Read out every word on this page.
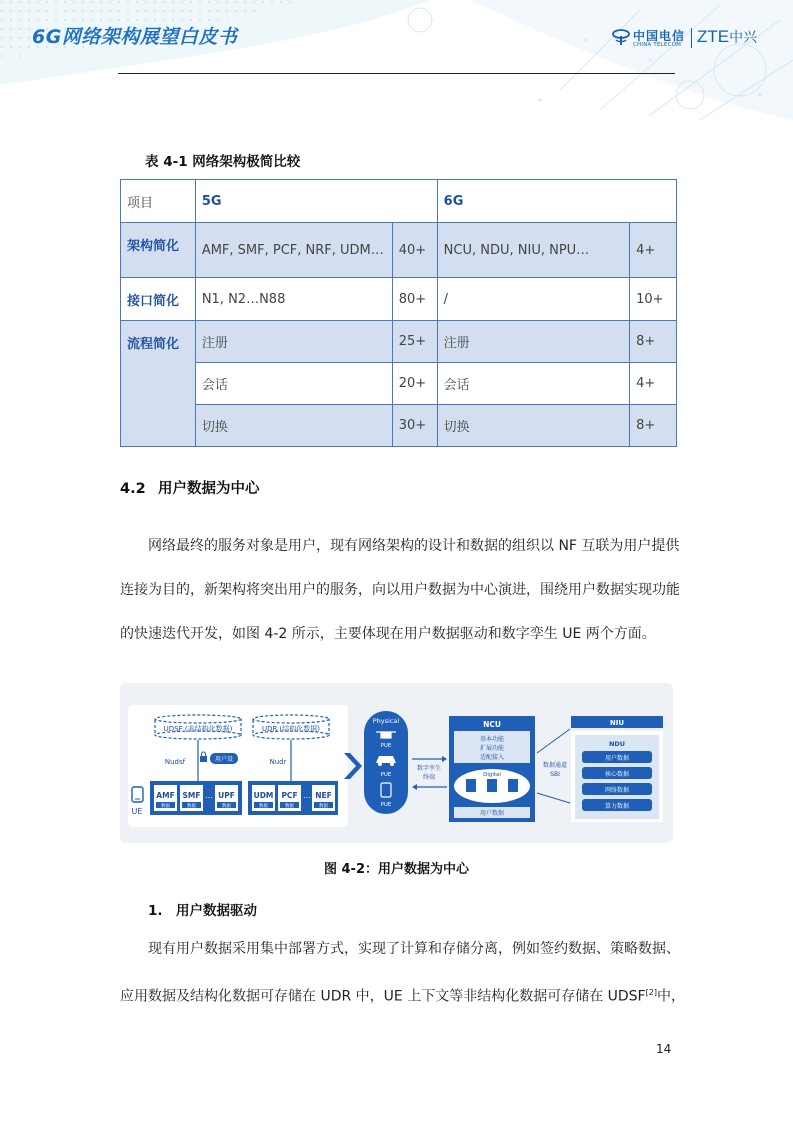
6G网络架构展望白皮书	中国电信
CHINA TELECOM ZTE中兴
表 4-1 网络架构极简比较
项目	5G		6G	
架构简化	AMF, SMF, PCF, NRF, UDM…	40+	NCU, NDU, NIU, NPU…	4+
接口简化	N1, N2…N88	80+	/	10+
流程简化	注册	25+	注册	8+
	会话	20+	会话	4+
	切换	30+	切换	8+
4.2 用户数据为中心

网络最终的服务对象是用户，现有网络架构的设计和数据的组织以 NF 互联为用户提供

连接为目的，新架构将突出用户的服务，向以用户数据为中心演进，围绕用户数据实现功能

的快速迭代开发，如图 4-2 所示，主要体现在用户数据驱动和数字孪生 UE 两个方面。

UDSF (非结构化数据)	UDR (结构化数据)
Nudsf	Nudr
用户设
UE
AMF
数据
SMF
数据
… UPF
数据
UDM
数据
PCF
数据
… NEF
数据
Physical
PUE
PUE
PUE
数字孪生
终端
NCU
基本功能
扩展功能
适配接入
Digital
用户数据
数据通道
SBI
NIU
NDU
用户数据
核心数据
网络数据
算力数据
图 4-2：用户数据为中心
1. 用户数据驱动

现有用户数据采用集中部署方式，实现了计算和存储分离，例如签约数据、策略数据、

应用数据及结构化数据可存储在 UDR 中，UE 上下文等非结构化数据可存储在 UDSF[2]中，

14
